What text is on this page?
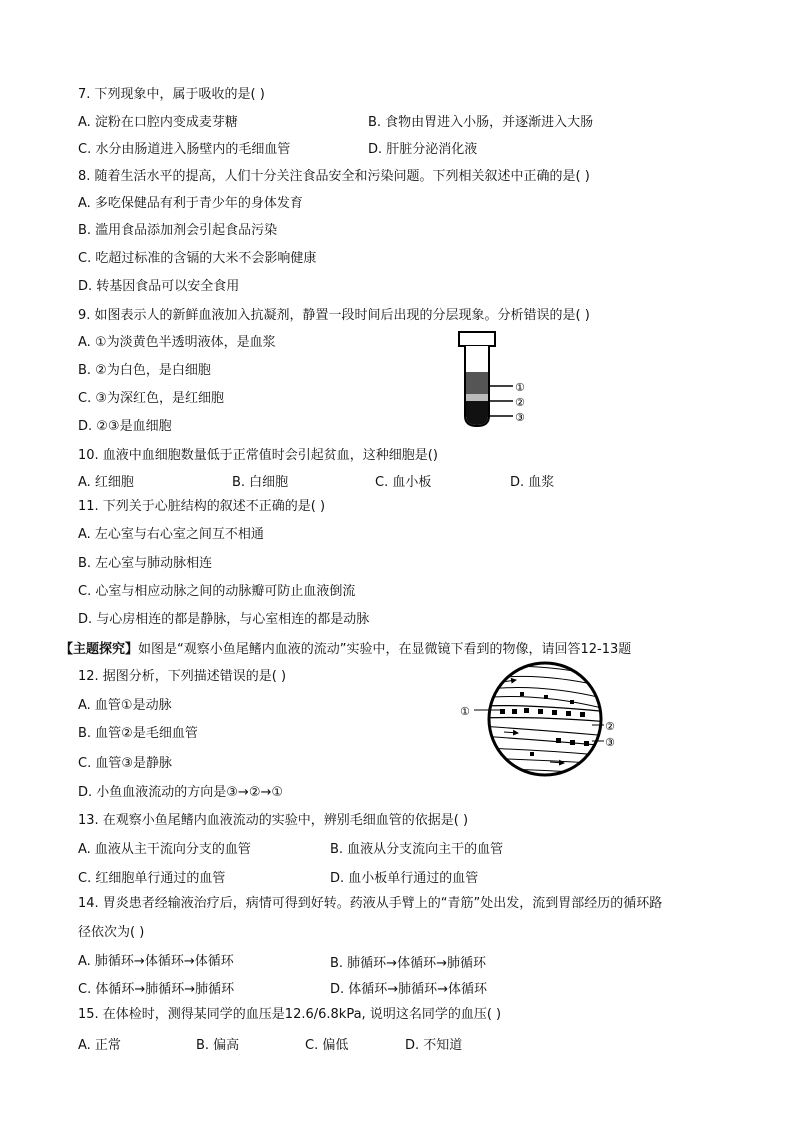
7. 下列现象中，属于吸收的是( )
A. 淀粉在口腔内变成麦芽糖	B. 食物由胃进入小肠，并逐渐进入大肠
C. 水分由肠道进入肠壁内的毛细血管	D. 肝脏分泌消化液
8. 随着生活水平的提高，人们十分关注食品安全和污染问题。下列相关叙述中正确的是( )
A. 多吃保健品有利于青少年的身体发育
B. 滥用食品添加剂会引起食品污染
C. 吃超过标准的含镉的大米不会影响健康
D. 转基因食品可以安全食用
9. 如图表示人的新鲜血液加入抗凝剂，静置一段时间后出现的分层现象。分析错误的是( )
A. ①为淡黄色半透明液体，是血浆
B. ②为白色，是白细胞
C. ③为深红色，是红细胞
D. ②③是血细胞
①
②
③
10. 血液中血细胞数量低于正常值时会引起贫血，这种细胞是()
A. 红细胞	B. 白细胞	C. 血小板	D. 血浆
11. 下列关于心脏结构的叙述不正确的是( )
A. 左心室与右心室之间互不相通
B. 左心室与肺动脉相连
C. 心室与相应动脉之间的动脉瓣可防止血液倒流
D. 与心房相连的都是静脉，与心室相连的都是动脉
【主题探究】如图是“观察小鱼尾鳍内血液的流动”实验中，在显微镜下看到的物像，请回答12-13题
12. 据图分析，下列描述错误的是( )
A. 血管①是动脉
B. 血管②是毛细血管
C. 血管③是静脉
D. 小鱼血液流动的方向是③→②→①
①
②
③
13. 在观察小鱼尾鳍内血液流动的实验中，辨别毛细血管的依据是( )
A. 血液从主干流向分支的血管	B. 血液从分支流向主干的血管
C. 红细胞单行通过的血管	D. 血小板单行通过的血管
14. 胃炎患者经输液治疗后，病情可得到好转。药液从手臂上的“青筋”处出发，流到胃部经历的循环路
径依次为( )
A. 肺循环→体循环→体循环	B. 肺循环→体循环→肺循环
C. 体循环→肺循环→肺循环	D. 体循环→肺循环→体循环
15. 在体检时，测得某同学的血压是12.6/6.8kPa, 说明这名同学的血压( )
A. 正常	B. 偏高	C. 偏低	D. 不知道
